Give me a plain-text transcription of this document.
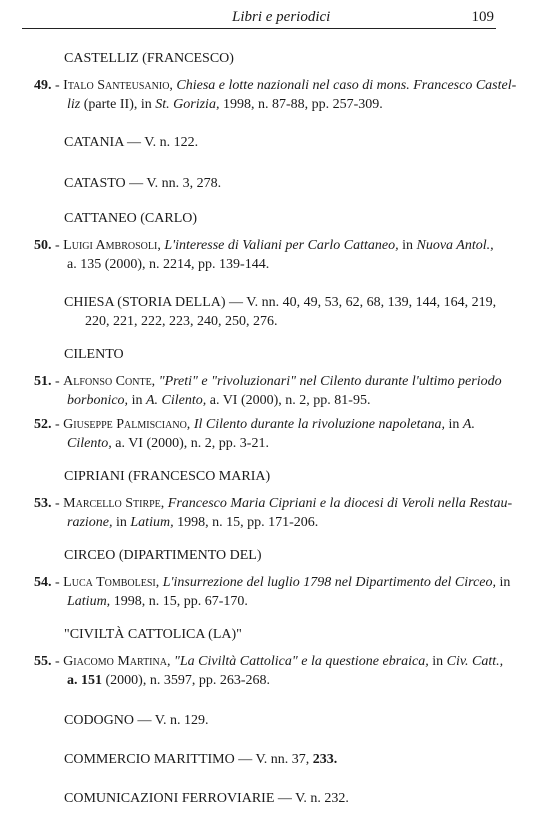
Libri e periodici	109

CASTELLIZ (FRANCESCO)

49. - Italo Santeusanio, Chiesa e lotte nazionali nel caso di mons. Francesco Castel-
liz (parte II), in St. Gorizia, 1998, n. 87-88, pp. 257-309.

CATANIA — V. n. 122.

CATASTO — V. nn. 3, 278.

CATTANEO (CARLO)

50. - Luigi Ambrosoli, L'interesse di Valiani per Carlo Cattaneo, in Nuova Antol.,
a. 135 (2000), n. 2214, pp. 139-144.
CHIESA (STORIA DELLA) — V. nn. 40, 49, 53, 62, 68, 139, 144, 164, 219,
220, 221, 222, 223, 240, 250, 276.

CILENTO

51. - Alfonso Conte, "Preti" e "rivoluzionari" nel Cilento durante l'ultimo periodo
borbonico, in A. Cilento, a. VI (2000), n. 2, pp. 81-95.
52. - Giuseppe Palmisciano, Il Cilento durante la rivoluzione napoletana, in A.
Cilento, a. VI (2000), n. 2, pp. 3-21.

CIPRIANI (FRANCESCO MARIA)

53. - Marcello Stirpe, Francesco Maria Cipriani e la diocesi di Veroli nella Restau-
razione, in Latium, 1998, n. 15, pp. 171-206.

CIRCEO (DIPARTIMENTO DEL)

54. - Luca Tombolesi, L'insurrezione del luglio 1798 nel Dipartimento del Circeo, in
Latium, 1998, n. 15, pp. 67-170.

"CIVILTÀ CATTOLICA (LA)"

55. - Giacomo Martina, "La Civiltà Cattolica" e la questione ebraica, in Civ. Catt.,
a. 151 (2000), n. 3597, pp. 263-268.

CODOGNO — V. n. 129.

COMMERCIO MARITTIMO — V. nn. 37, 233.

COMUNICAZIONI FERROVIARIE — V. n. 232.
